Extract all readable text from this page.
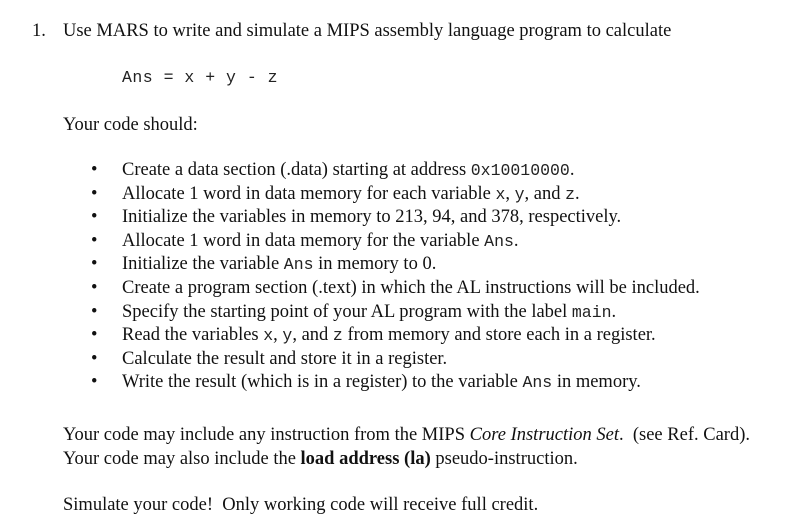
1. Use MARS to write and simulate a MIPS assembly language program to calculate
Ans = x + y - z
Your code should:
• Create a data section (.data) starting at address 0x10010000.
• Allocate 1 word in data memory for each variable x, y, and z.
• Initialize the variables in memory to 213, 94, and 378, respectively.
• Allocate 1 word in data memory for the variable Ans.
• Initialize the variable Ans in memory to 0.
• Create a program section (.text) in which the AL instructions will be included.
• Specify the starting point of your AL program with the label main.
• Read the variables x, y, and z from memory and store each in a register.
• Calculate the result and store it in a register.
• Write the result (which is in a register) to the variable Ans in memory.
Your code may include any instruction from the MIPS Core Instruction Set.  (see Ref. Card).
Your code may also include the load address (la) pseudo-instruction.
Simulate your code!  Only working code will receive full credit.
